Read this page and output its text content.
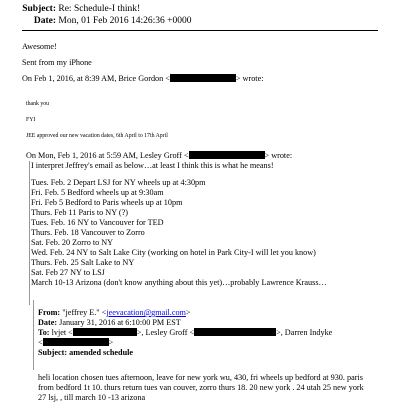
Subject: Re: Schedule-I think!
Date: Mon, 01 Feb 2016 14:26:36 +0000
Awesome!
Sent from my iPhone
On Feb 1, 2016, at 8:39 AM, Brice Gordon <	> wrote:
thank you
FYI
JEE approved our new vacation dates, 6th April to 17th April
On Mon, Feb 1, 2016 at 5:59 AM, Lesley Groff <	> wrote:
I interpret Jeffrey's email as below…at least I think this is what he means!
Tues. Feb. 2 Depart LSJ for NY wheels up at 4:30pm
Fri. Feb. 5 Bedford wheels up at 9:30am
Fri. Feb 5 Bedford to Paris wheels up at 10pm
Thurs. Feb 11 Paris to NY (?)
Tues. Feb. 16 NY to Vancouver for TED
Thurs. Feb. 18 Vancouver to Zorro
Sat. Feb. 20 Zorro to NY
Wed. Feb. 24 NY to Salt Lake City (working on hotel in Park City-I will let you know)
Thurs. Feb. 25 Salt Lake to NY
Sat. Feb 27 NY to LSJ
March 10-13 Arizona (don't know anything about this yet)…probably Lawrence Krauss…
From: "jeffrey E." <jeevacation@gmail.com>
Date: January 31, 2016 at 6:10:00 PM EST
To: lvjet <	>, Lesley Groff <	>, Darren Indyke
<	>
Subject: amended schedule
heli location chosen tues afternoon, leave for new york wu, 430, fri wheels up bedford at 930. paris
from bedford 1t 10. thurs return tues van couver, zorro thurs 18. 20 new york . 24 utah 25 new york
27 lsj, , till march 10 -13 arizona
